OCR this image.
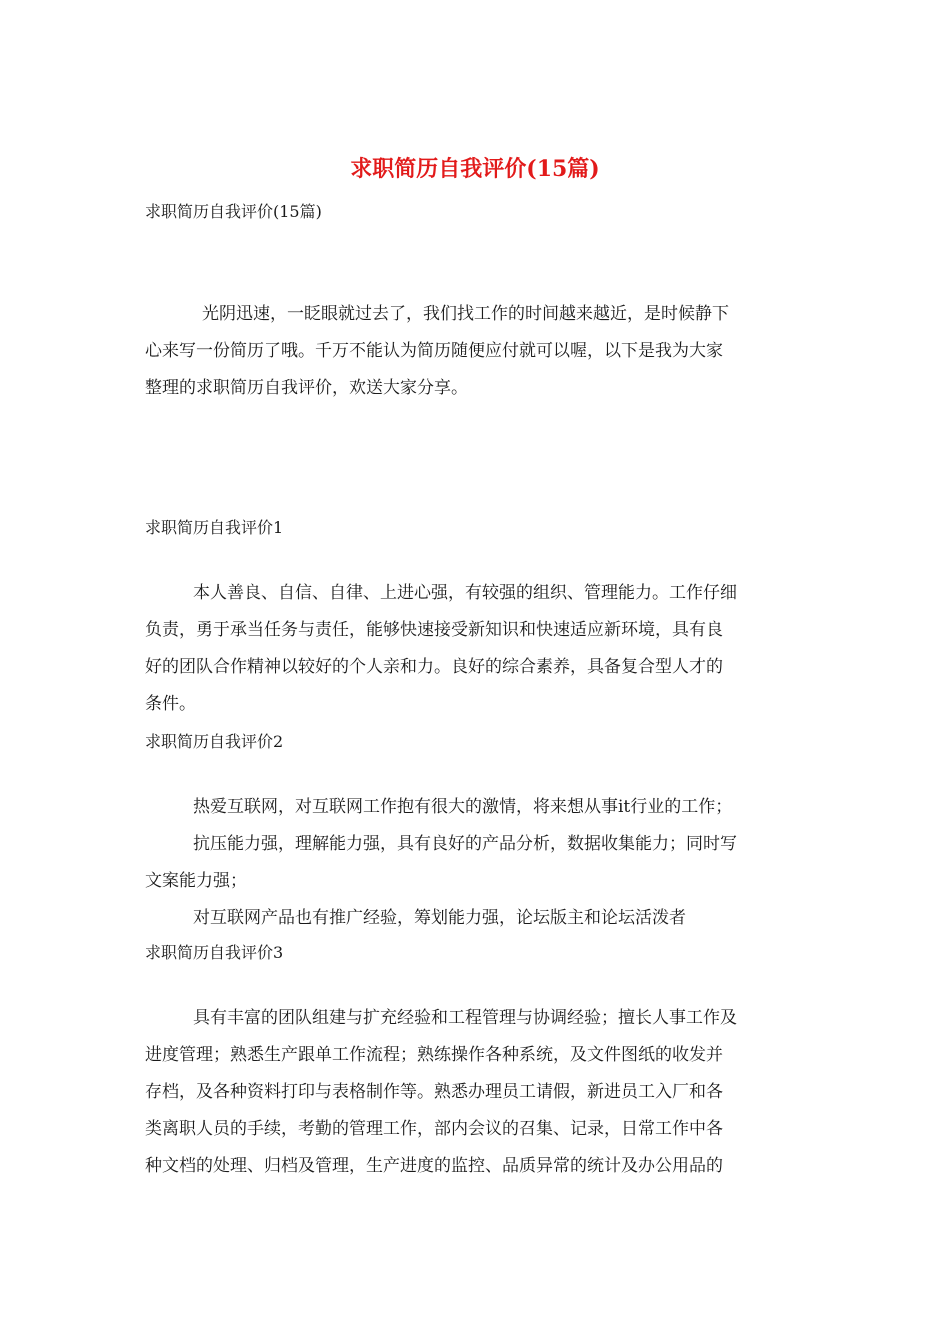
求职简历自我评价(15篇)
求职简历自我评价(15篇)

光阴迅速，一眨眼就过去了，我们找工作的时间越来越近，是时候静下

心来写一份简历了哦。千万不能认为简历随便应付就可以喔，以下是我为大家

整理的求职简历自我评价，欢送大家分享。

求职简历自我评价1

本人善良、自信、自律、上进心强，有较强的组织、管理能力。工作仔细

负责，勇于承当任务与责任，能够快速接受新知识和快速适应新环境，具有良

好的团队合作精神以较好的个人亲和力。良好的综合素养，具备复合型人才的

条件。

求职简历自我评价2

热爱互联网，对互联网工作抱有很大的激情，将来想从事it行业的工作；

抗压能力强，理解能力强，具有良好的产品分析，数据收集能力；同时写

文案能力强；

对互联网产品也有推广经验，筹划能力强，论坛版主和论坛活泼者

求职简历自我评价3

具有丰富的团队组建与扩充经验和工程管理与协调经验；擅长人事工作及

进度管理；熟悉生产跟单工作流程；熟练操作各种系统，及文件图纸的收发并

存档，及各种资料打印与表格制作等。熟悉办理员工请假，新进员工入厂和各

类离职人员的手续，考勤的管理工作，部内会议的召集、记录，日常工作中各

种文档的处理、归档及管理，生产进度的监控、品质异常的统计及办公用品的
